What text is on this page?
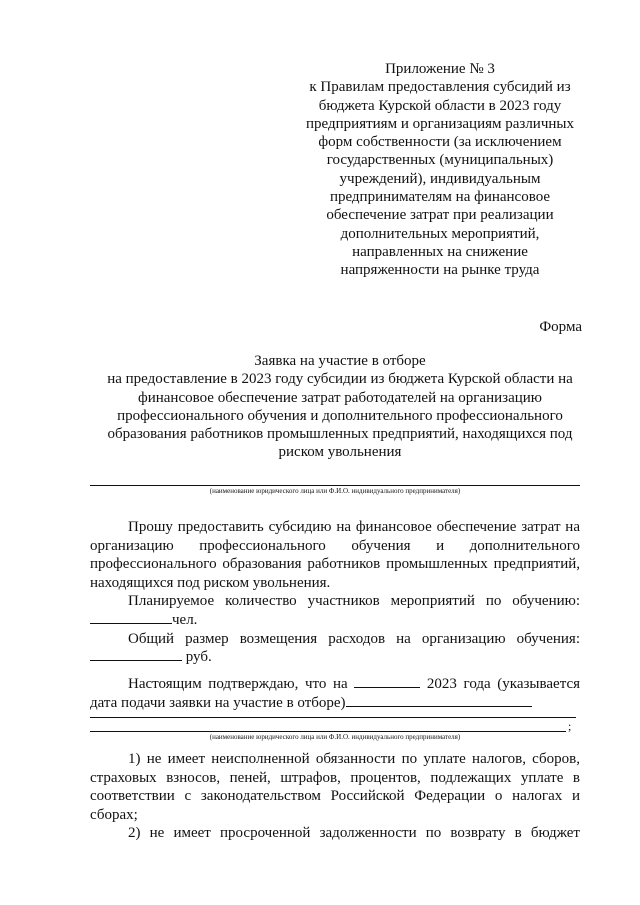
Приложение № 3
к Правилам предоставления субсидий из
бюджета Курской области в 2023 году
предприятиям и организациям различных
форм собственности (за исключением
государственных (муниципальных)
учреждений), индивидуальным
предпринимателям на финансовое
обеспечение затрат при реализации
дополнительных мероприятий,
направленных на снижение
напряженности на рынке труда
Форма
Заявка на участие в отборе
на предоставление в 2023 году субсидии из бюджета Курской области на
финансовое обеспечение затрат работодателей на организацию
профессионального обучения и дополнительного профессионального
образования работников промышленных предприятий, находящихся под
риском увольнения
(наименование юридического лица или Ф.И.О. индивидуального предпринимателя)

Прошу предоставить субсидию на финансовое обеспечение затрат на организацию профессионального обучения и дополнительного профессионального образования работников промышленных предприятий, находящихся под риском увольнения.

Планируемое количество участников мероприятий по обучению:

чел.

Общий размер возмещения расходов на организацию обучения:

руб.

Настоящим подтверждаю, что на	2023 года (указывается

дата подачи заявки на участие в отборе)

;
(наименование юридического лица или Ф.И.О. индивидуального предпринимателя)

1) не имеет неисполненной обязанности по уплате налогов, сборов, страховых взносов, пеней, штрафов, процентов, подлежащих уплате в соответствии с законодательством Российской Федерации о налогах и сборах;

2) не имеет просроченной задолженности по возврату в бюджет
